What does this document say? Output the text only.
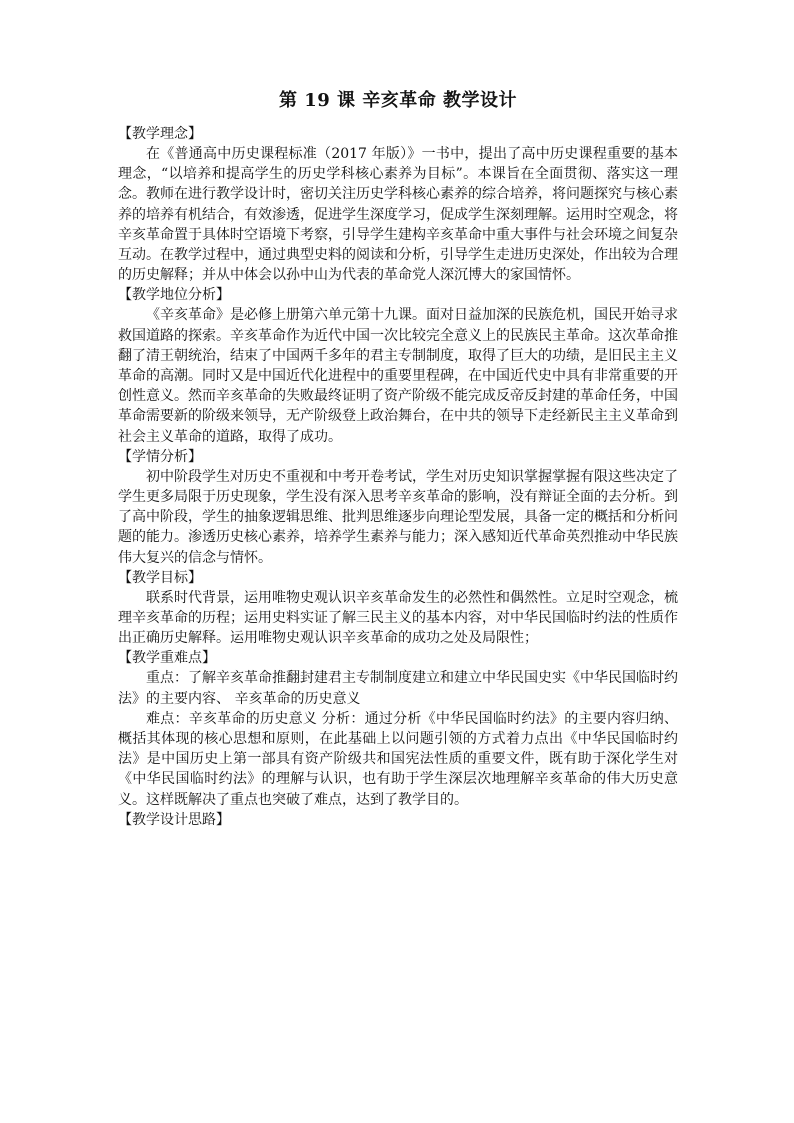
第 19 课 辛亥革命 教学设计

【教学理念】

在《普通高中历史课程标准（2017 年版）》一书中，提出了高中历史课程重要的基本理念，“以培养和提高学生的历史学科核心素养为目标”。本课旨在全面贯彻、落实这一理念。教师在进行教学设计时，密切关注历史学科核心素养的综合培养，将问题探究与核心素养的培养有机结合，有效渗透，促进学生深度学习，促成学生深刻理解。运用时空观念，将辛亥革命置于具体时空语境下考察，引导学生建构辛亥革命中重大事件与社会环境之间复杂互动。在教学过程中，通过典型史料的阅读和分析，引导学生走进历史深处，作出较为合理的历史解释；并从中体会以孙中山为代表的革命党人深沉博大的家国情怀。

【教学地位分析】

《辛亥革命》是必修上册第六单元第十九课。面对日益加深的民族危机，国民开始寻求救国道路的探索。辛亥革命作为近代中国一次比较完全意义上的民族民主革命。这次革命推翻了清王朝统治，结束了中国两千多年的君主专制制度，取得了巨大的功绩，是旧民主主义革命的高潮。同时又是中国近代化进程中的重要里程碑，在中国近代史中具有非常重要的开创性意义。然而辛亥革命的失败最终证明了资产阶级不能完成反帝反封建的革命任务，中国革命需要新的阶级来领导，无产阶级登上政治舞台，在中共的领导下走经新民主主义革命到社会主义革命的道路，取得了成功。

【学情分析】

初中阶段学生对历史不重视和中考开卷考试，学生对历史知识掌握掌握有限这些决定了学生更多局限于历史现象，学生没有深入思考辛亥革命的影响，没有辩证全面的去分析。到了高中阶段，学生的抽象逻辑思维、批判思维逐步向理论型发展，具备一定的概括和分析问题的能力。渗透历史核心素养，培养学生素养与能力；深入感知近代革命英烈推动中华民族伟大复兴的信念与情怀。

【教学目标】

联系时代背景，运用唯物史观认识辛亥革命发生的必然性和偶然性。立足时空观念，梳理辛亥革命的历程；运用史料实证了解三民主义的基本内容，对中华民国临时约法的性质作出正确历史解释。运用唯物史观认识辛亥革命的成功之处及局限性；

【教学重难点】

重点：了解辛亥革命推翻封建君主专制制度建立和建立中华民国史实《中华民国临时约法》的主要内容、 辛亥革命的历史意义

难点：辛亥革命的历史意义 分析：通过分析《中华民国临时约法》的主要内容归纳、概括其体现的核心思想和原则，在此基础上以问题引领的方式着力点出《中华民国临时约法》是中国历史上第一部具有资产阶级共和国宪法性质的重要文件，既有助于深化学生对《中华民国临时约法》的理解与认识，也有助于学生深层次地理解辛亥革命的伟大历史意义。这样既解决了重点也突破了难点，达到了教学目的。

【教学设计思路】
